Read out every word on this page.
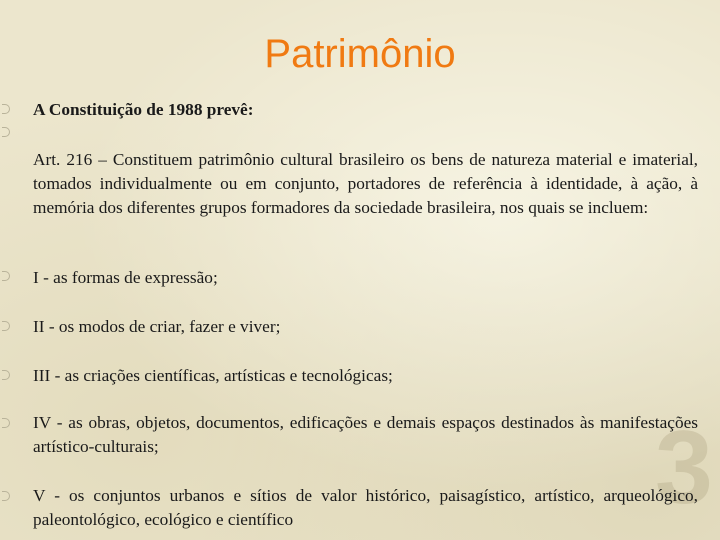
Patrimônio
3
A Constituição de 1988 prevê:
Art. 216 – Constituem patrimônio cultural brasileiro os bens de natureza material e imaterial, tomados individualmente ou em conjunto, portadores de referência à identidade, à ação, à memória dos diferentes grupos formadores da sociedade brasileira, nos quais se incluem:
I - as formas de expressão;
II - os modos de criar, fazer e viver;
III - as criações científicas, artísticas e tecnológicas;
IV - as obras, objetos, documentos, edificações e demais espaços destinados às manifestações artístico-culturais;
V - os conjuntos urbanos e sítios de valor histórico, paisagístico, artístico, arqueológico, paleontológico, ecológico e científico
